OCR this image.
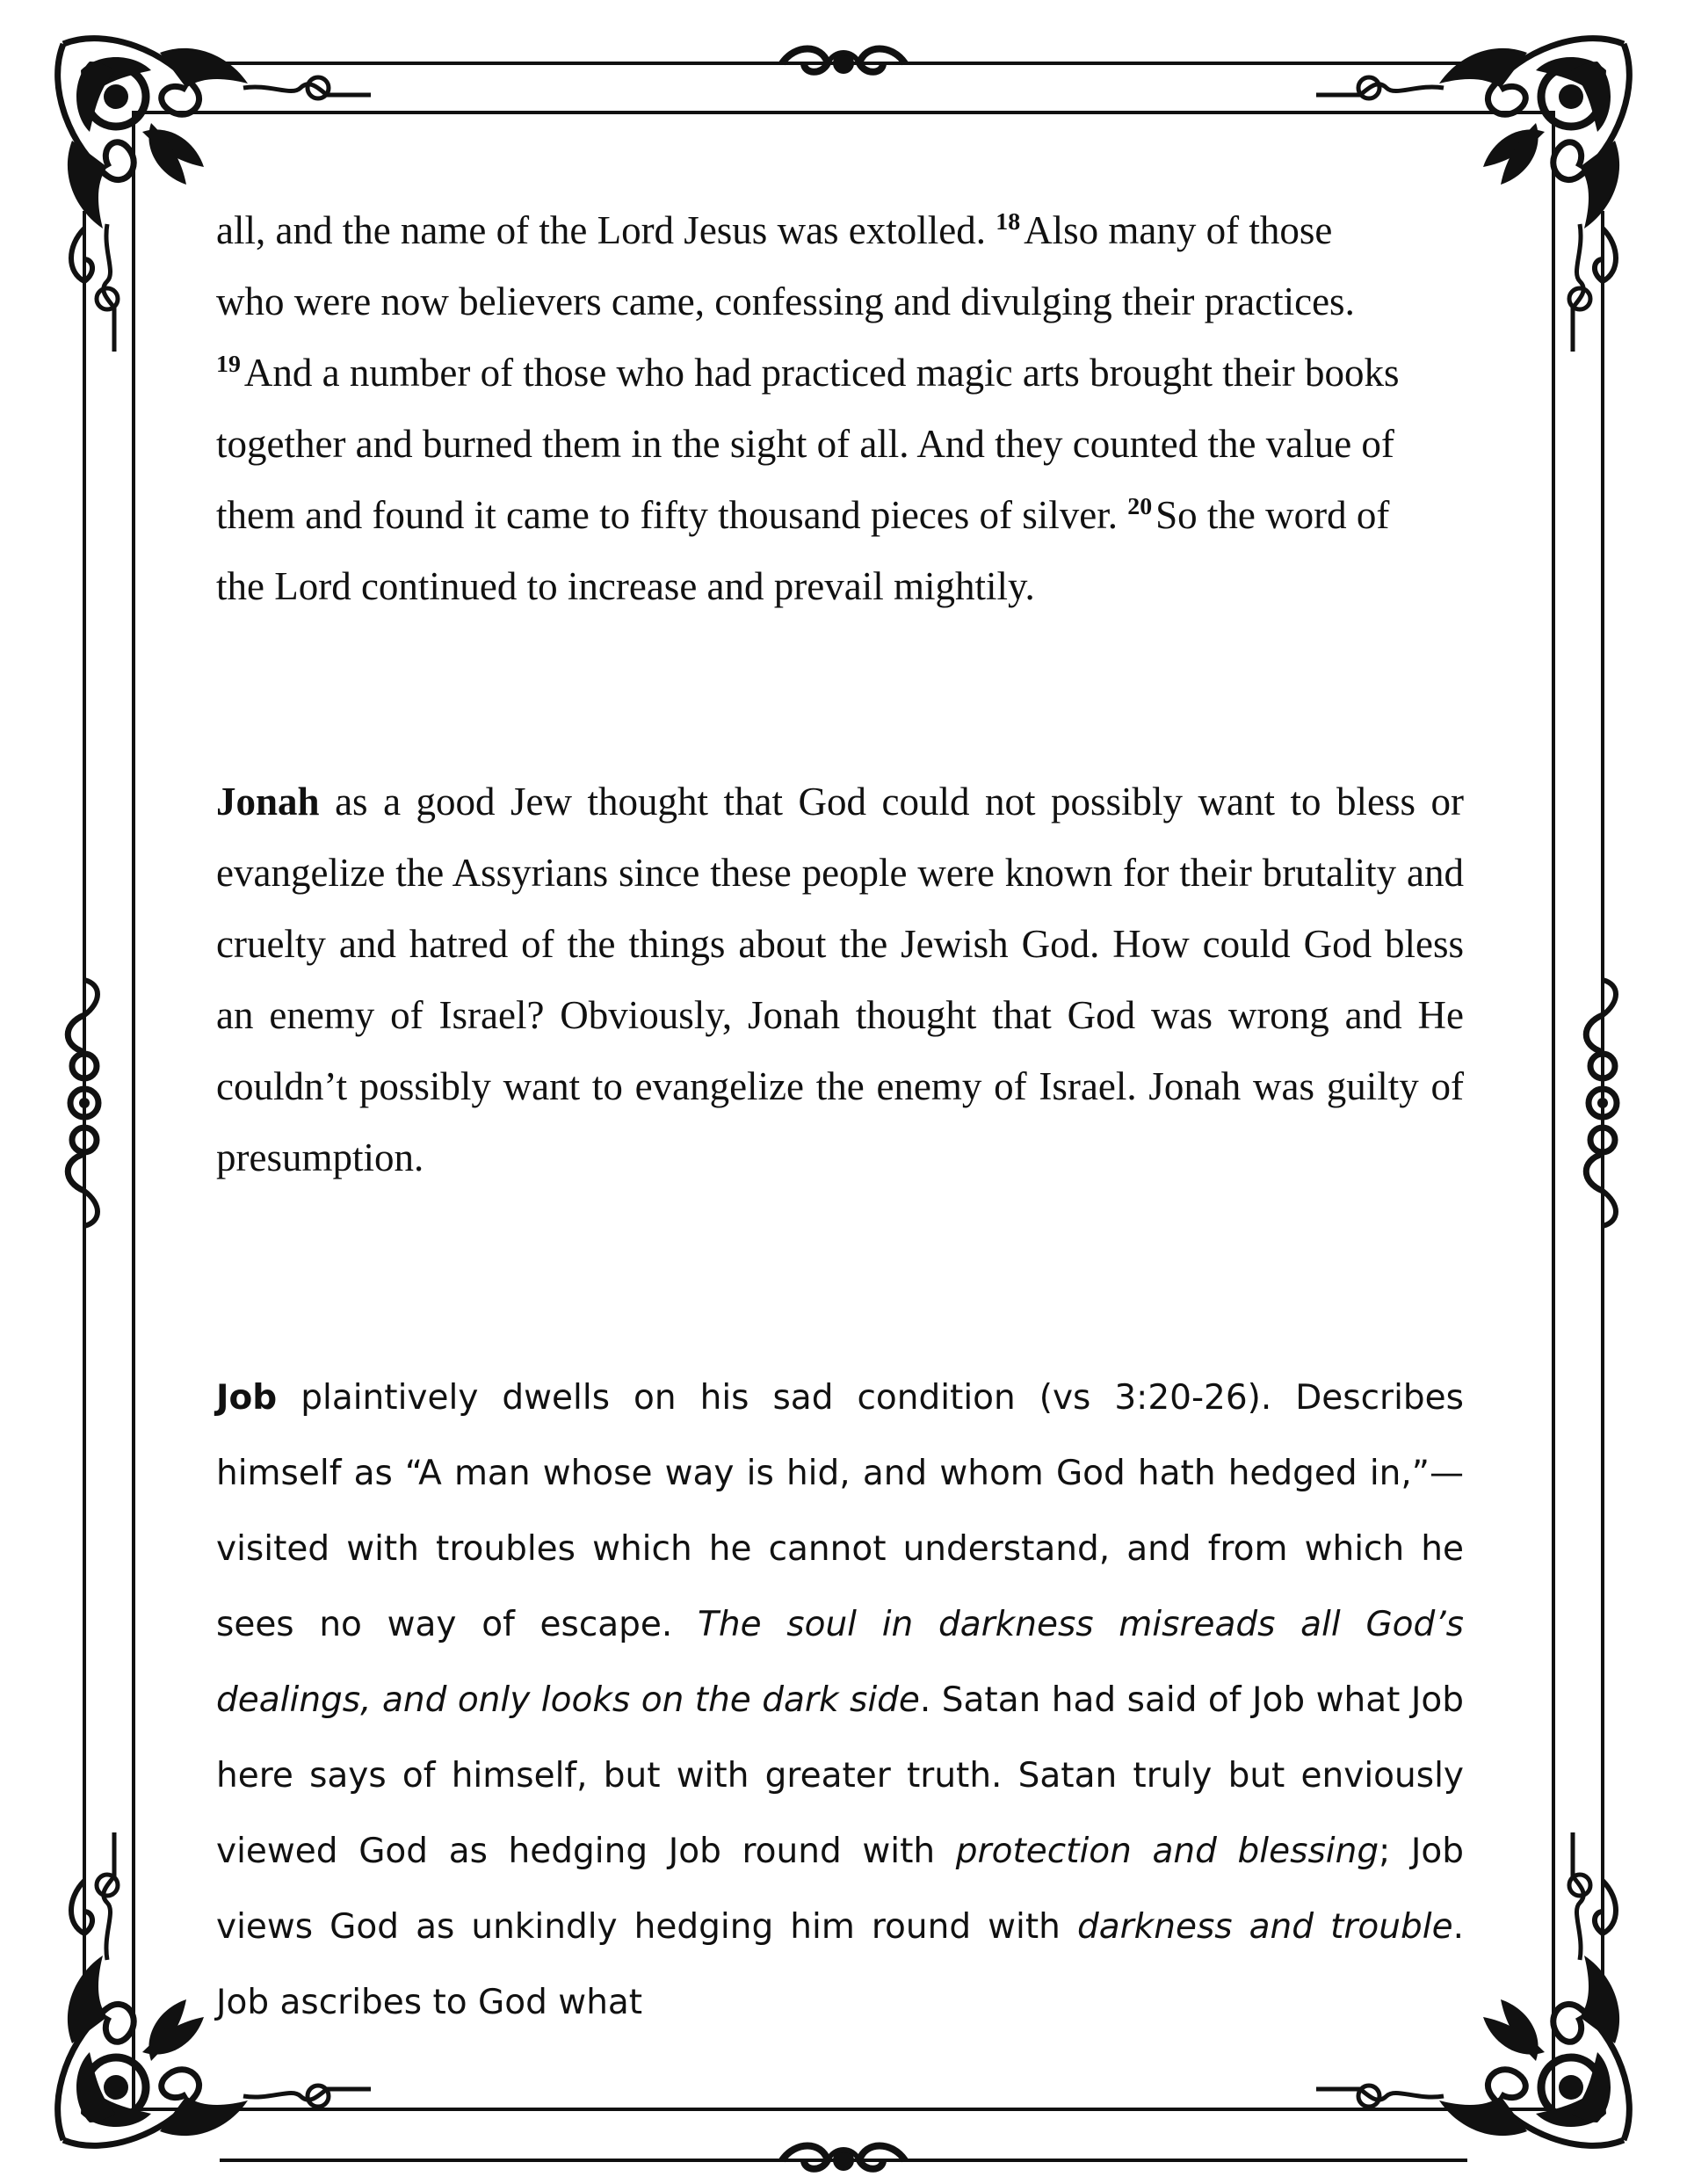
all, and the name of the Lord Jesus was extolled. $^{18}$Also many of those
who were now believers came, confessing and divulging their practices.
$^{19}$And a number of those who had practiced magic arts brought their books
together and burned them in the sight of all. And they counted the value of
them and found it came to fifty thousand pieces of silver. $^{20}$So the word of
the Lord continued to increase and prevail mightily.

Jonah as a good Jew thought that God could not possibly want to bless or evangelize the Assyrians since these people were known for their brutality and cruelty and hatred of the things about the Jewish God. How could God bless an enemy of Israel? Obviously, Jonah thought that God was wrong and He couldn’t possibly want to evangelize the enemy of Israel. Jonah was guilty of presumption.

Job plaintively dwells on his sad condition (vs 3:20-26). Describes himself as “A man whose way is hid, and whom God hath hedged in,”—visited with troubles which he cannot understand, and from which he sees no way of escape. The soul in darkness misreads all God’s dealings, and only looks on the dark side. Satan had said of Job what Job here says of himself, but with greater truth. Satan truly but enviously viewed God as hedging Job round with protection and blessing; Job views God as unkindly hedging him round with darkness and trouble. Job ascribes to God what
